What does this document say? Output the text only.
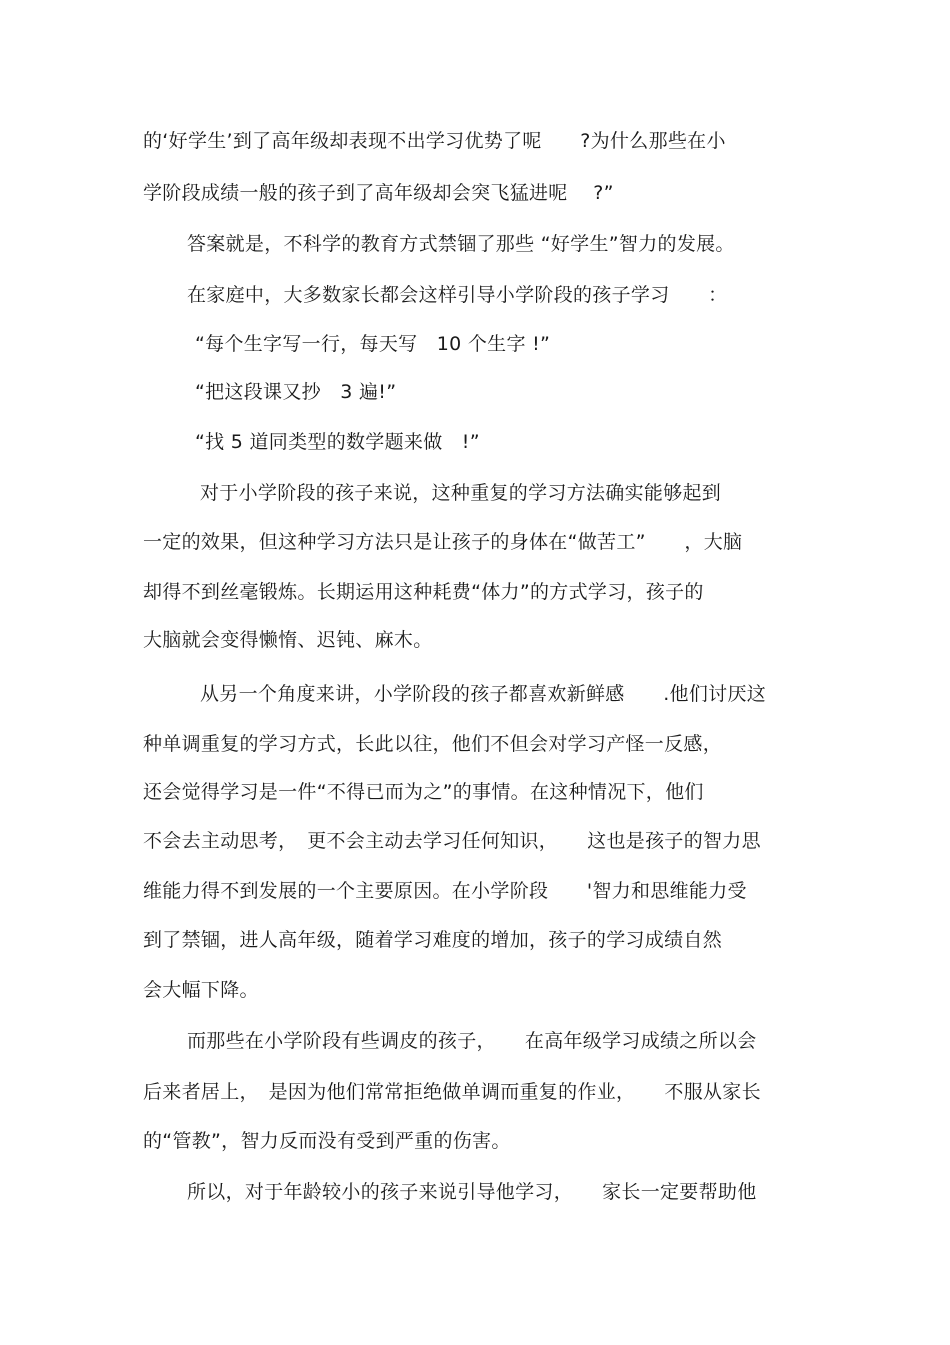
的‘好学生’到了高年级却表现不出学习优势了呢　　?为什么那些在小
学阶段成绩一般的孩子到了高年级却会突飞猛进呢　 ?”
答案就是，不科学的教育方式禁锢了那些 “好学生”智力的发展。
在家庭中，大多数家长都会这样引导小学阶段的孩子学习　　：
“每个生字写一行，每天写　10 个生字 !”
“把这段课又抄　3 遍!”
“找 5 道同类型的数学题来做　!”
对于小学阶段的孩子来说，这种重复的学习方法确实能够起到
一定的效果，但这种学习方法只是让孩子的身体在“做苦工”　　，大脑
却得不到丝毫锻炼。长期运用这种耗费“体力”的方式学习，孩子的
大脑就会变得懒惰、迟钝、麻木。
从另一个角度来讲，小学阶段的孩子都喜欢新鲜感　　.他们讨厌这
种单调重复的学习方式，长此以往，他们不但会对学习产怪一反感，
还会觉得学习是一件“不得已而为之”的事情。在这种情况下，他们
不会去主动思考，　更不会主动去学习任何知识，　　这也是孩子的智力思
维能力得不到发展的一个主要原因。在小学阶段　　'智力和思维能力受
到了禁锢，进人高年级，随着学习难度的增加，孩子的学习成绩自然
会大幅下降。
而那些在小学阶段有些调皮的孩子，　　在高年级学习成绩之所以会
后来者居上，　是因为他们常常拒绝做单调而重复的作业，　　不服从家长
的“管教”，智力反而没有受到严重的伤害。
所以，对于年龄较小的孩子来说引导他学习，　　家长一定要帮助他
